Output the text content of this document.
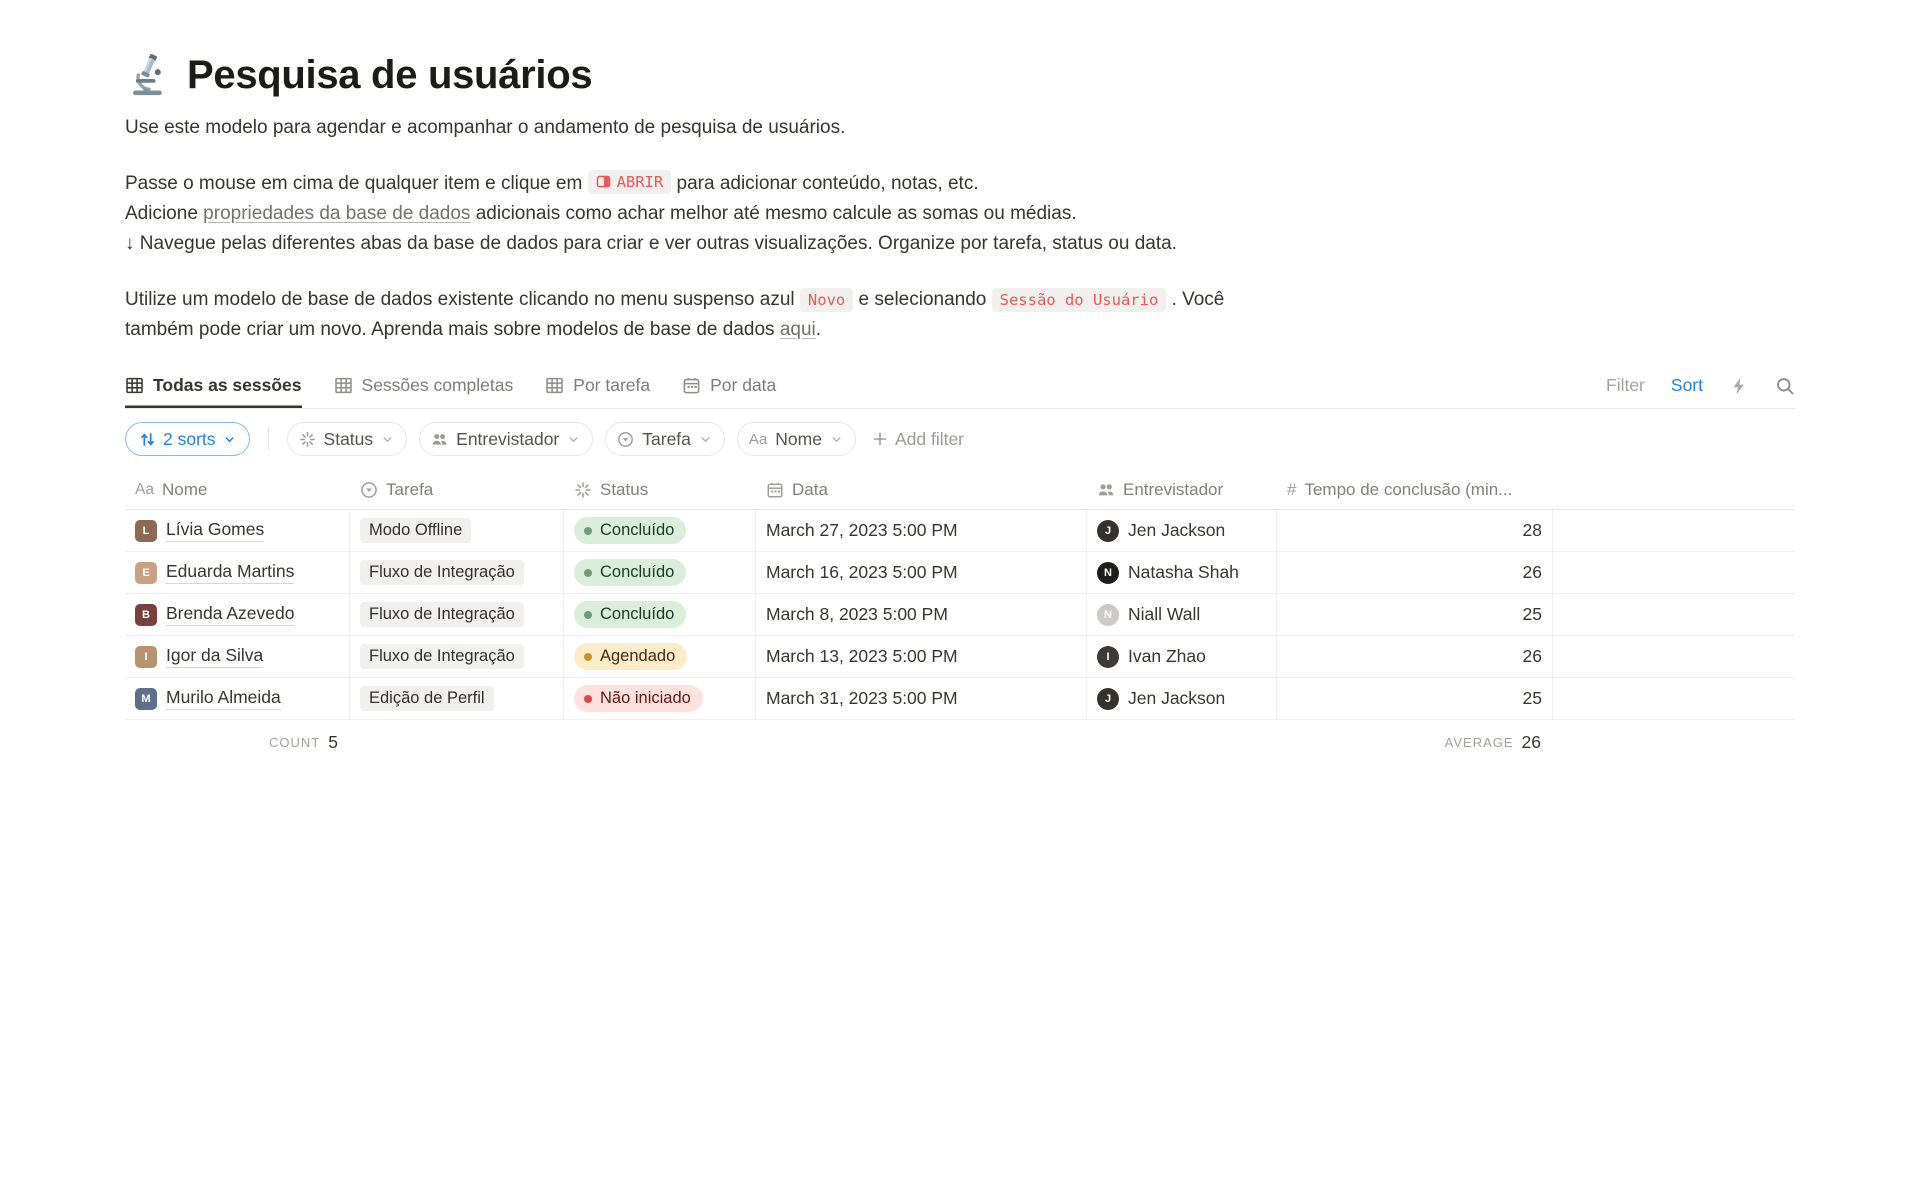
Pesquisa de usuários
Use este modelo para agendar e acompanhar o andamento de pesquisa de usuários.
Passe o mouse em cima de qualquer item e clique em ABRIR para adicionar conteúdo, notas, etc.
Adicione propriedades da base de dados adicionais como achar melhor até mesmo calcule as somas ou médias.
↓ Navegue pelas diferentes abas da base de dados para criar e ver outras visualizações. Organize por tarefa, status ou data.
Utilize um modelo de base de dados existente clicando no menu suspenso azul Novo e selecionando Sessão do Usuário . Você também pode criar um novo. Aprenda mais sobre modelos de base de dados aqui.
Todas as sessões	Sessões completas	Por tarefa	Por data	Filter Sort
2 sorts	Status	Entrevistador	Tarefa	Aa Nome	Add filter
Aa Nome	Tarefa	Status	Data	Entrevistador	# Tempo de conclusão (min...
L Lívia Gomes	Modo Offline	Concluído	March 27, 2023 5:00 PM	J Jen Jackson	28
E Eduarda Martins	Fluxo de Integração	Concluído	March 16, 2023 5:00 PM	N Natasha Shah	26
B Brenda Azevedo	Fluxo de Integração	Concluído	March 8, 2023 5:00 PM	N Niall Wall	25
I	Igor da Silva	Fluxo de Integração	Agendado	March 13, 2023 5:00 PM	I	Ivan Zhao	26
M Murilo Almeida	Edição de Perfil	Não iniciado	March 31, 2023 5:00 PM	J Jen Jackson	25
COUNT 5	AVERAGE 26
